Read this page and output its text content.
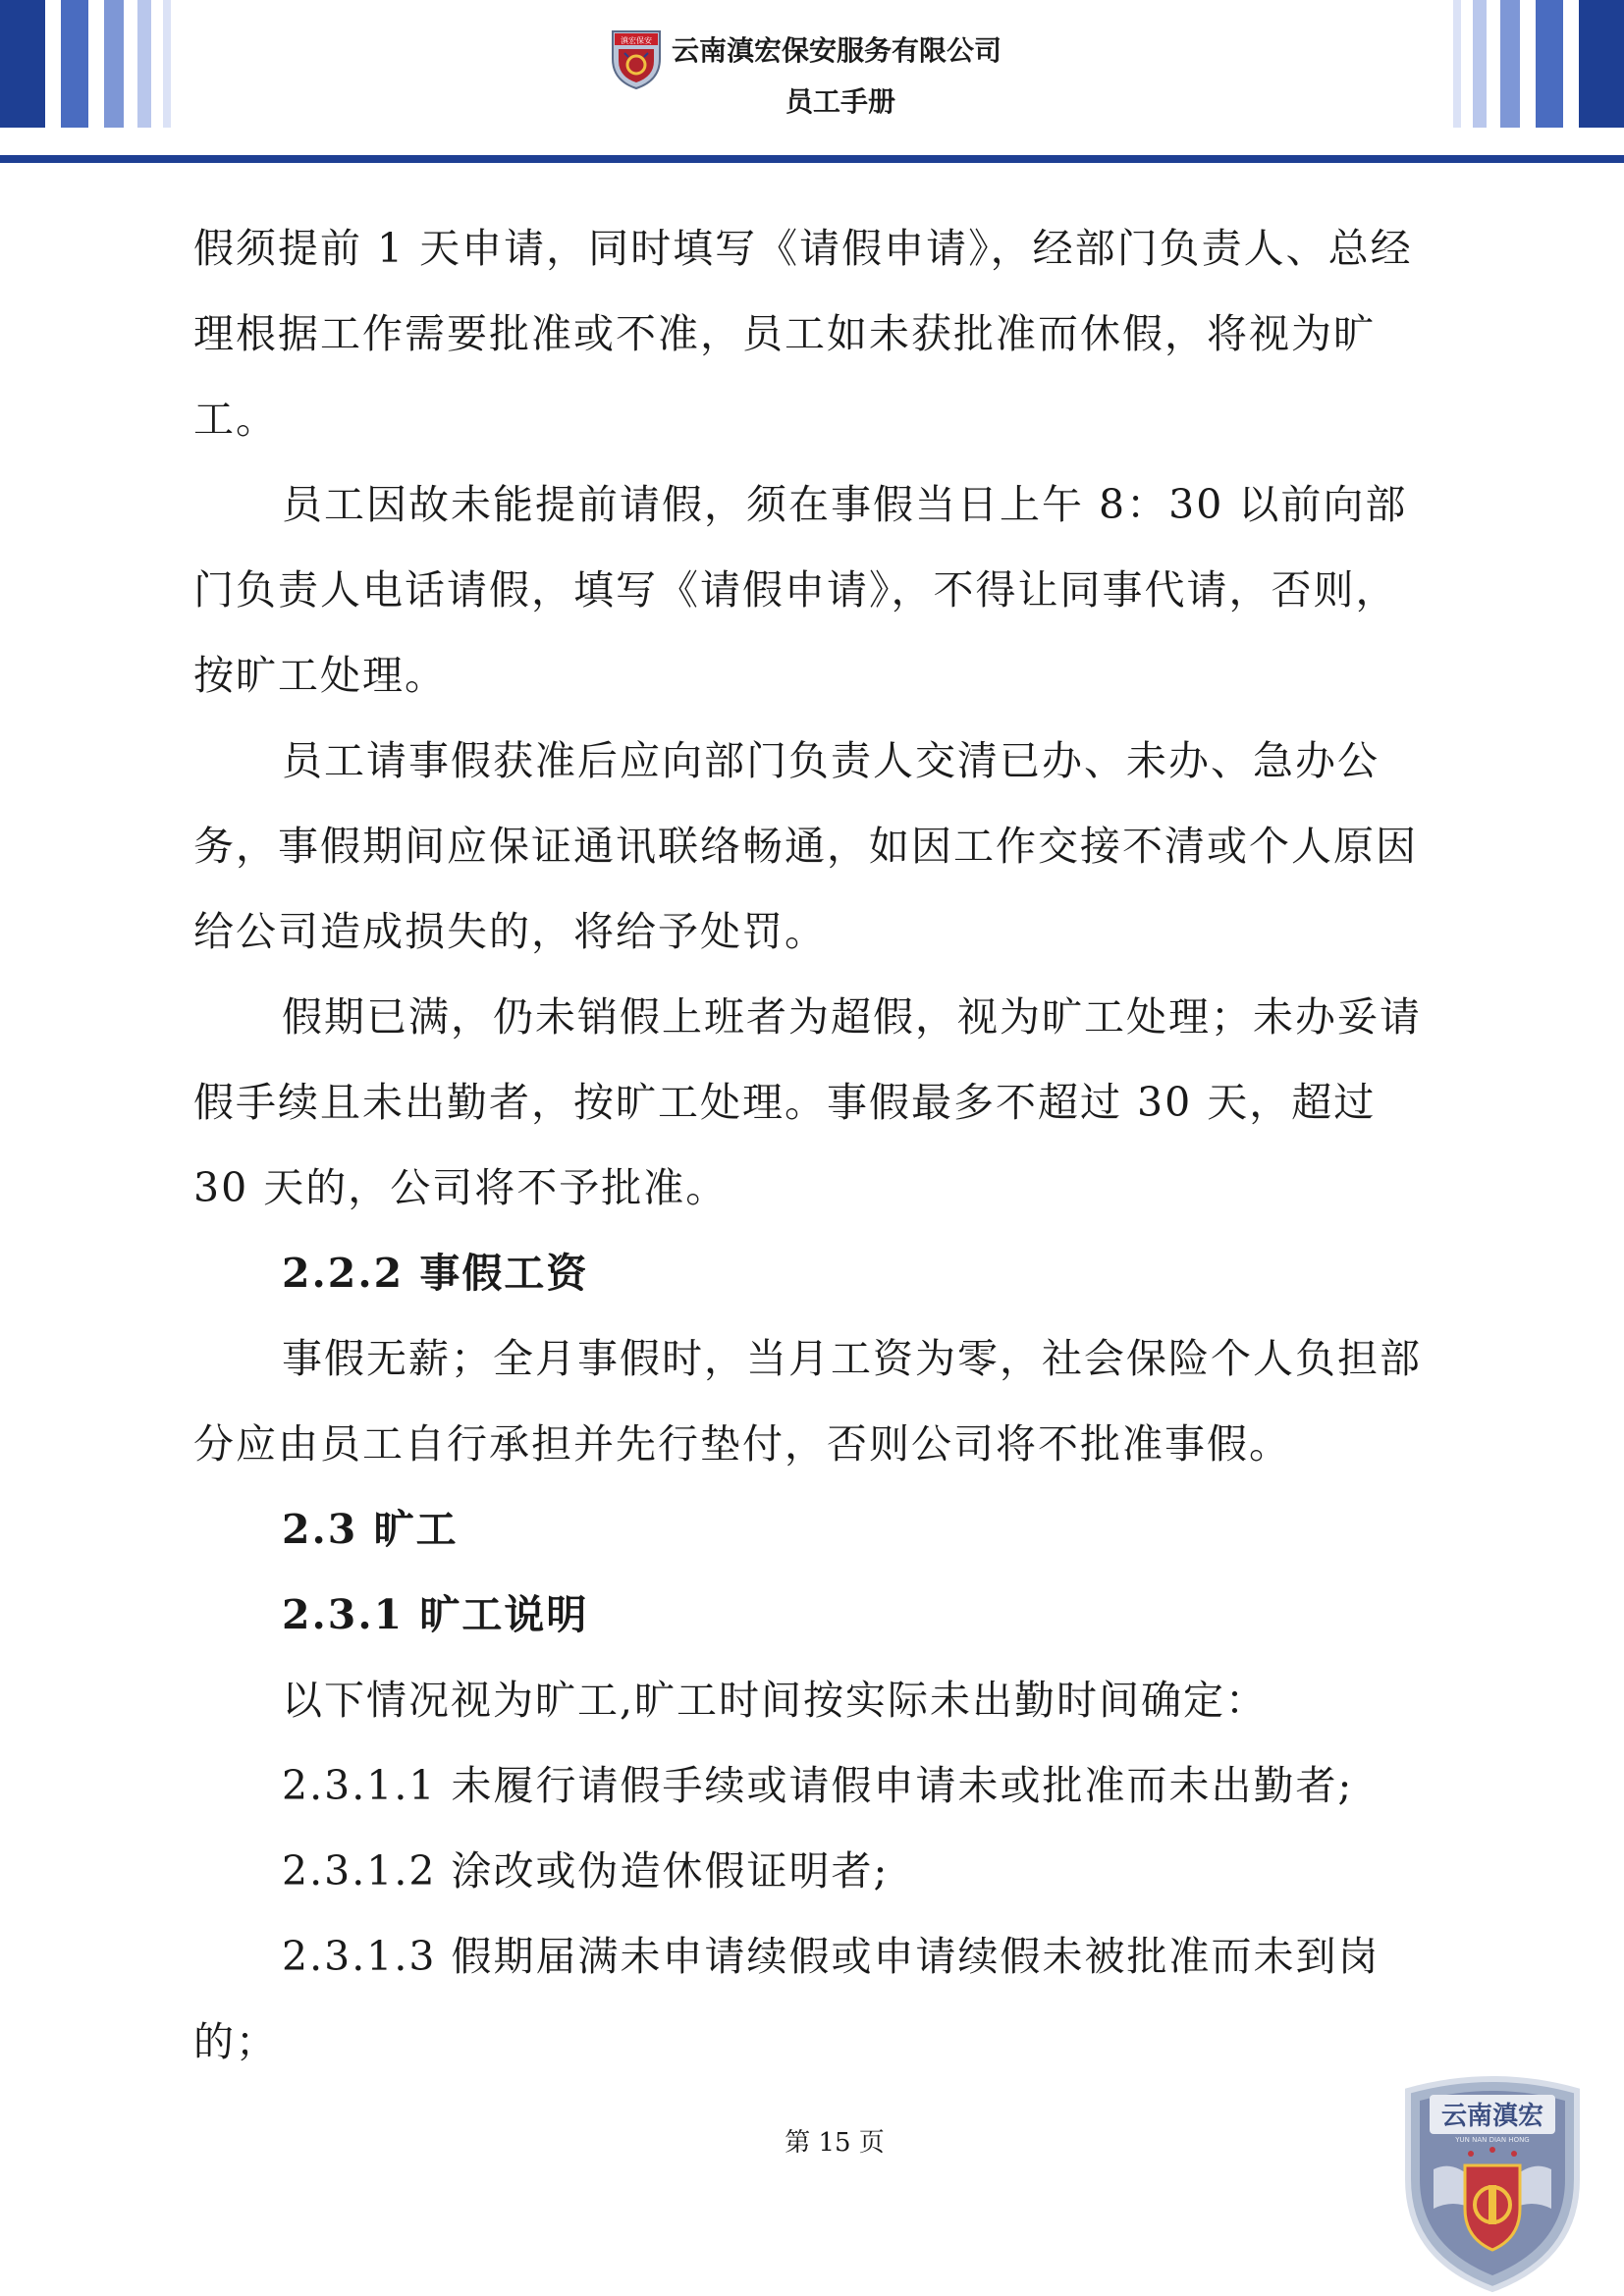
滇宏保安 云南滇宏保安服务有限公司
员工手册

假须提前 1 天申请，同时填写《请假申请》，经部门负责人、总经理根据工作需要批准或不准，员工如未获批准而休假，将视为旷工。

员工因故未能提前请假，须在事假当日上午 8：30 以前向部门负责人电话请假，填写《请假申请》，不得让同事代请，否则，按旷工处理。

员工请事假获准后应向部门负责人交清已办、未办、急办公务，事假期间应保证通讯联络畅通，如因工作交接不清或个人原因给公司造成损失的，将给予处罚。

假期已满，仍未销假上班者为超假，视为旷工处理；未办妥请假手续且未出勤者，按旷工处理。事假最多不超过 30 天，超过 30 天的，公司将不予批准。

2.2.2 事假工资

事假无薪；全月事假时，当月工资为零，社会保险个人负担部分应由员工自行承担并先行垫付，否则公司将不批准事假。

2.3 旷工

2.3.1 旷工说明

以下情况视为旷工,旷工时间按实际未出勤时间确定：

2.3.1.1 未履行请假手续或请假申请未或批准而未出勤者;

2.3.1.2 涂改或伪造休假证明者;

2.3.1.3 假期届满未申请续假或申请续假未被批准而未到岗的；

第 15 页
云南滇宏
YUN NAN DIAN HONG
